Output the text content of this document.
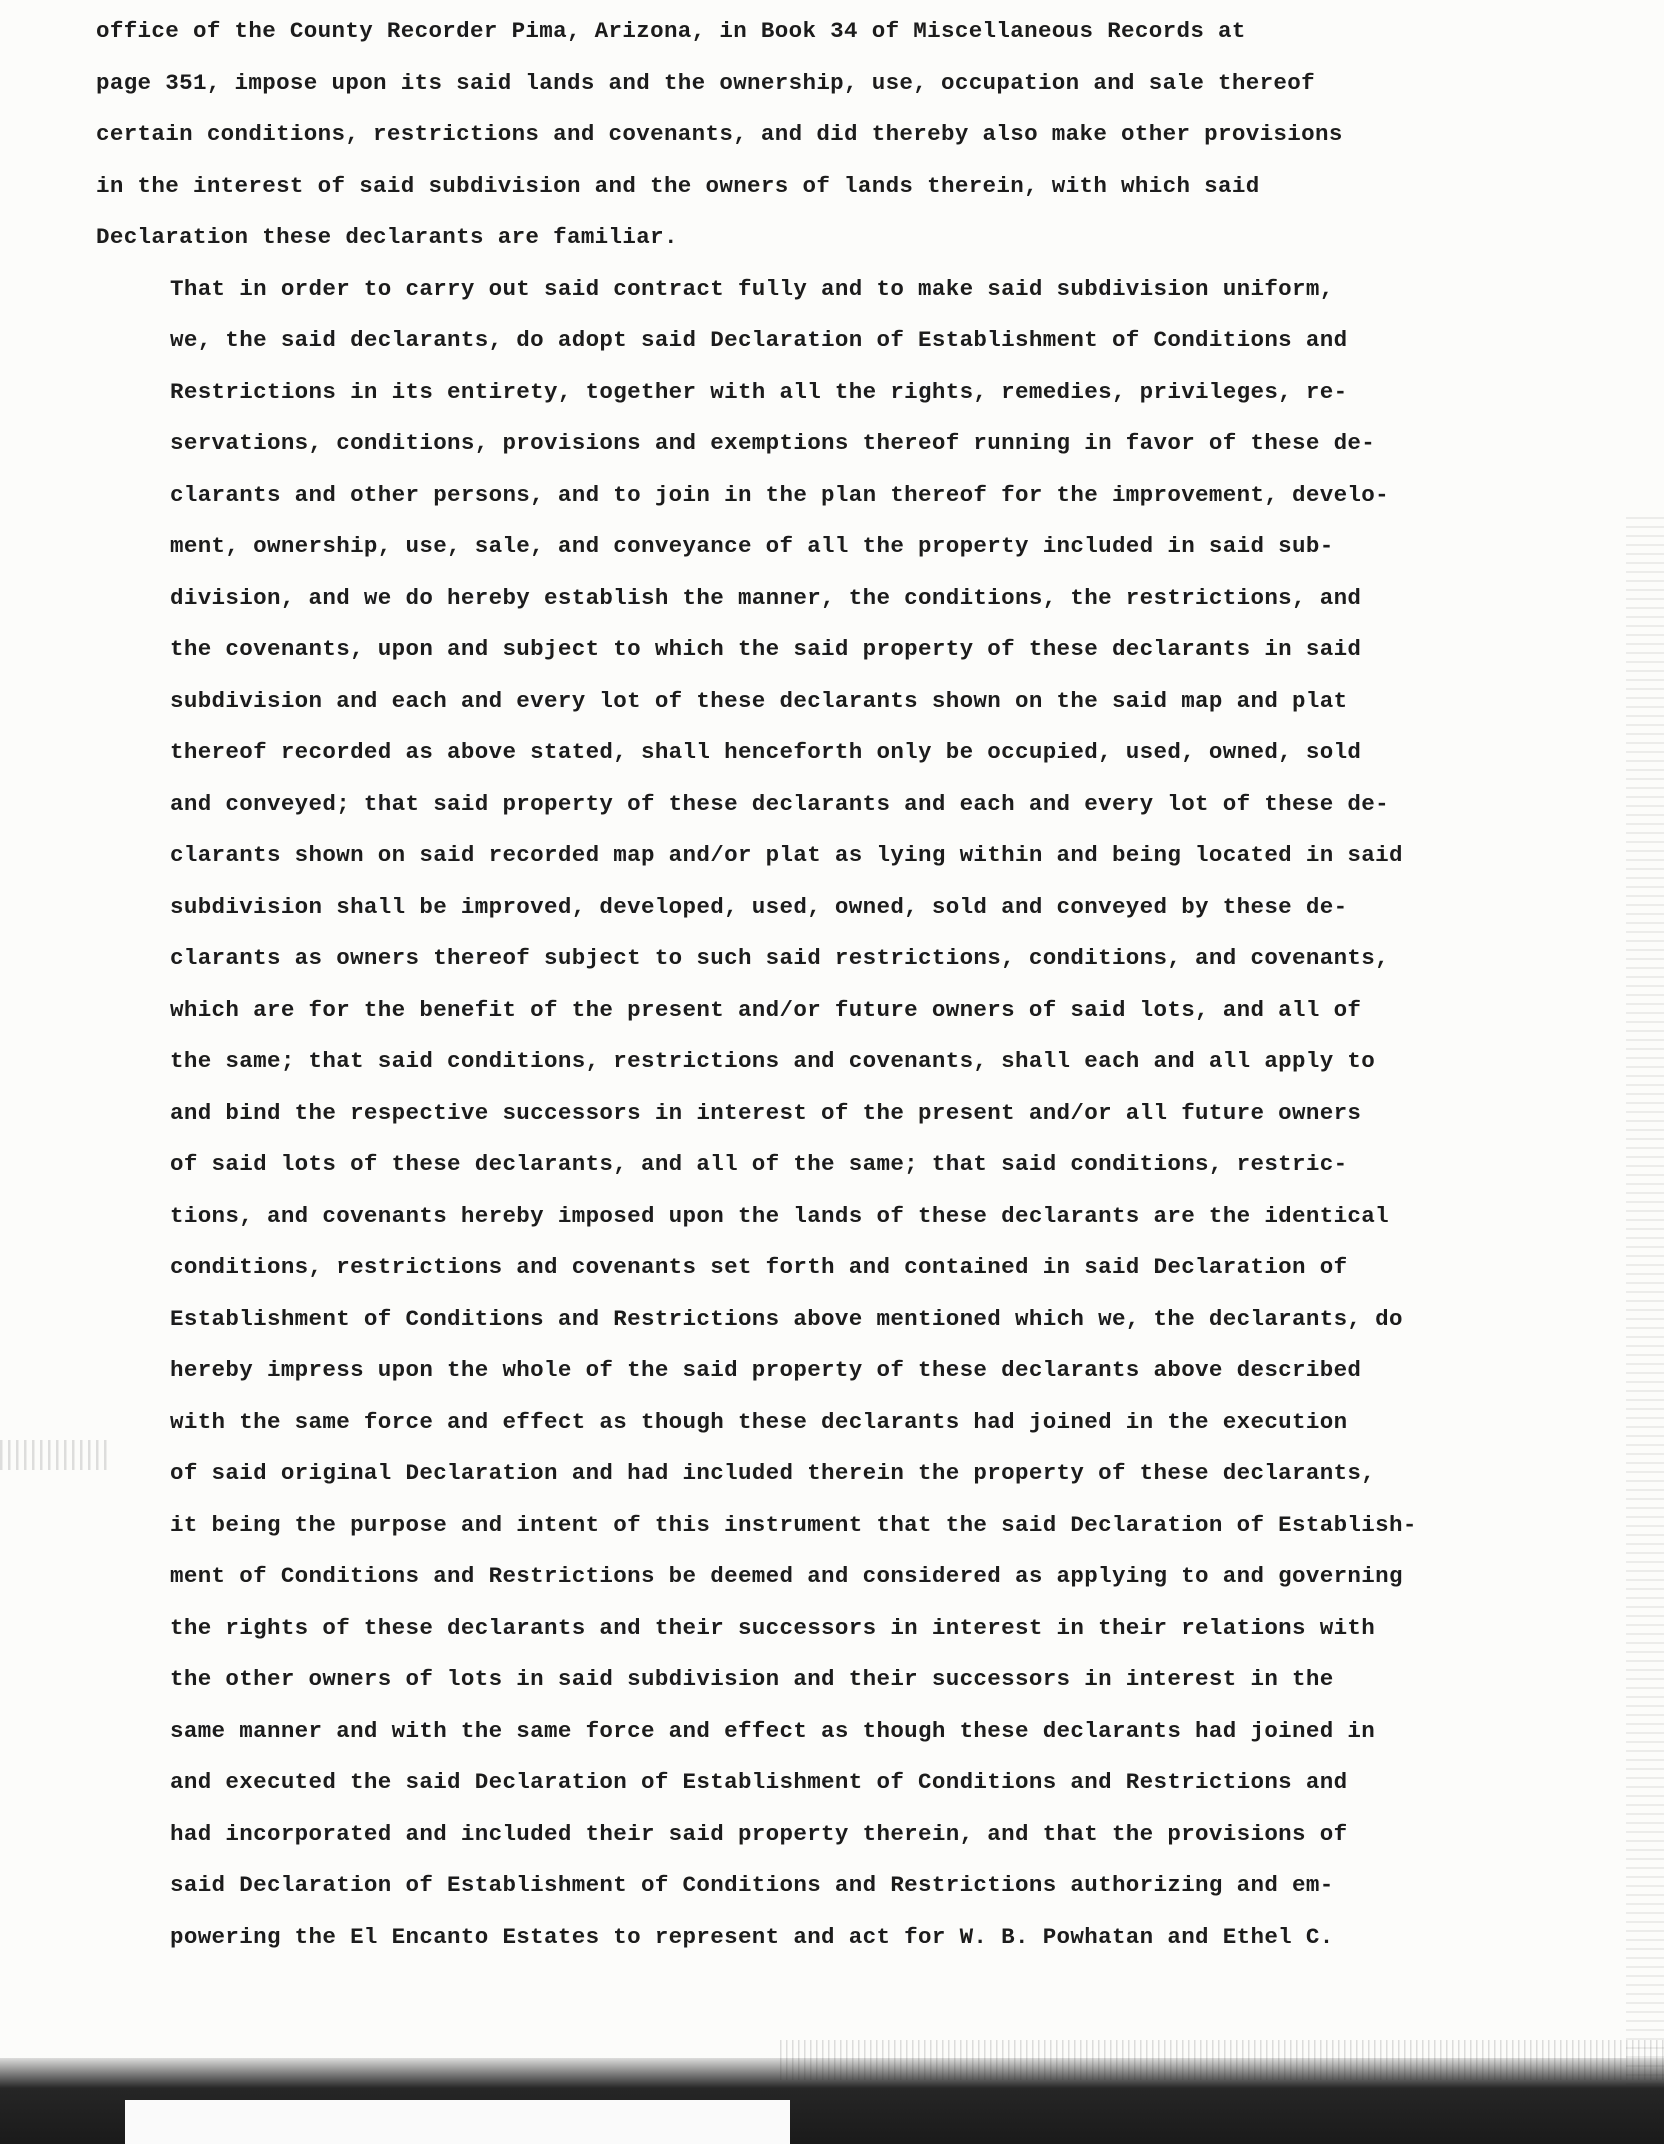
office of the County Recorder Pima, Arizona, in Book 34 of Miscellaneous Records at
page 351, impose upon its said lands and the ownership, use, occupation and sale thereof
certain conditions, restrictions and covenants, and did thereby also make other provisions
in the interest of said subdivision and the owners of lands therein, with which said
Declaration these declarants are familiar.

That in order to carry out said contract fully and to make said subdivision uniform,
we, the said declarants, do adopt said Declaration of Establishment of Conditions and
Restrictions in its entirety, together with all the rights, remedies, privileges, re-
servations, conditions, provisions and exemptions thereof running in favor of these de-
clarants and other persons, and to join in the plan thereof for the improvement, develo-
ment, ownership, use, sale, and conveyance of all the property included in said sub-
division, and we do hereby establish the manner, the conditions, the restrictions, and
the covenants, upon and subject to which the said property of these declarants in said
subdivision and each and every lot of these declarants shown on the said map and plat
thereof recorded as above stated, shall henceforth only be occupied, used, owned, sold
and conveyed; that said property of these declarants and each and every lot of these de-
clarants shown on said recorded map and/or plat as lying within and being located in said
subdivision shall be improved, developed, used, owned, sold and conveyed by these de-
clarants as owners thereof subject to such said restrictions, conditions, and covenants,
which are for the benefit of the present and/or future owners of said lots, and all of
the same; that said conditions, restrictions and covenants, shall each and all apply to
and bind the respective successors in interest of the present and/or all future owners
of said lots of these declarants, and all of the same; that said conditions, restric-
tions, and covenants hereby imposed upon the lands of these declarants are the identical
conditions, restrictions and covenants set forth and contained in said Declaration of
Establishment of Conditions and Restrictions above mentioned which we, the declarants, do
hereby impress upon the whole of the said property of these declarants above described
with the same force and effect as though these declarants had joined in the execution
of said original Declaration and had included therein the property of these declarants,
it being the purpose and intent of this instrument that the said Declaration of Establish-
ment of Conditions and Restrictions be deemed and considered as applying to and governing
the rights of these declarants and their successors in interest in their relations with
the other owners of lots in said subdivision and their successors in interest in the
same manner and with the same force and effect as though these declarants had joined in
and executed the said Declaration of Establishment of Conditions and Restrictions and
had incorporated and included their said property therein, and that the provisions of
said Declaration of Establishment of Conditions and Restrictions authorizing and em-
powering the El Encanto Estates to represent and act for W. B. Powhatan and Ethel C.
